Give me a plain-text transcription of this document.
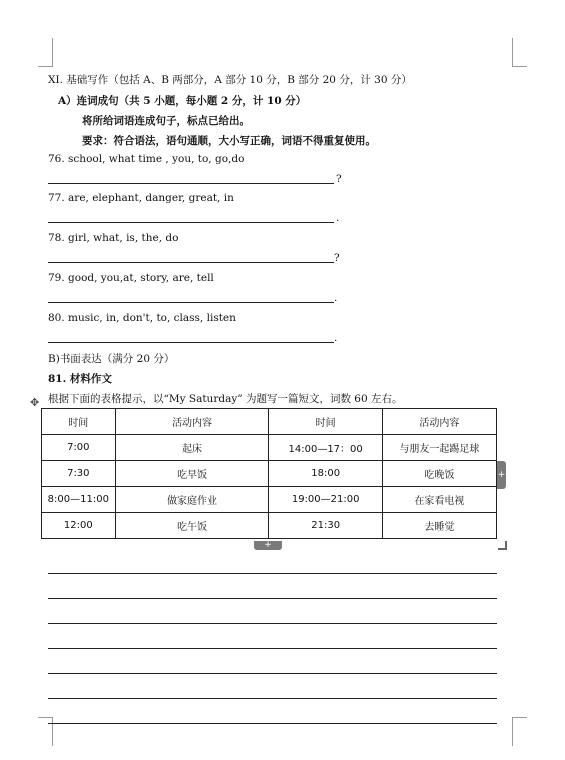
XI. 基础写作（包括 A、B 两部分，A 部分 10 分，B 部分 20 分，计 30 分）
A）连词成句（共 5 小题，每小题 2 分，计 10 分）
将所给词语连成句子，标点已给出。
要求：符合语法，语句通顺，大小写正确，词语不得重复使用。
76. school, what time , you, to, go,do
?
77. are, elephant, danger, great, in
.
78. girl, what, is, the, do
?
79. good, you,at, story, are, tell
.
80. music, in, don't, to, class, listen
.
B)书面表达（满分 20 分）
81. 材料作文
根据下面的表格提示，以“My Saturday” 为题写一篇短文，词数 60 左右。
✥
时间	活动内容	时间	活动内容
7:00	起床	14:00—17：00	与朋友一起踢足球
7:30	吃早饭	18:00	吃晚饭
8:00—11:00	做家庭作业	19:00—21:00	在家看电视
12:00	吃午饭	21:30	去睡觉
+
+
